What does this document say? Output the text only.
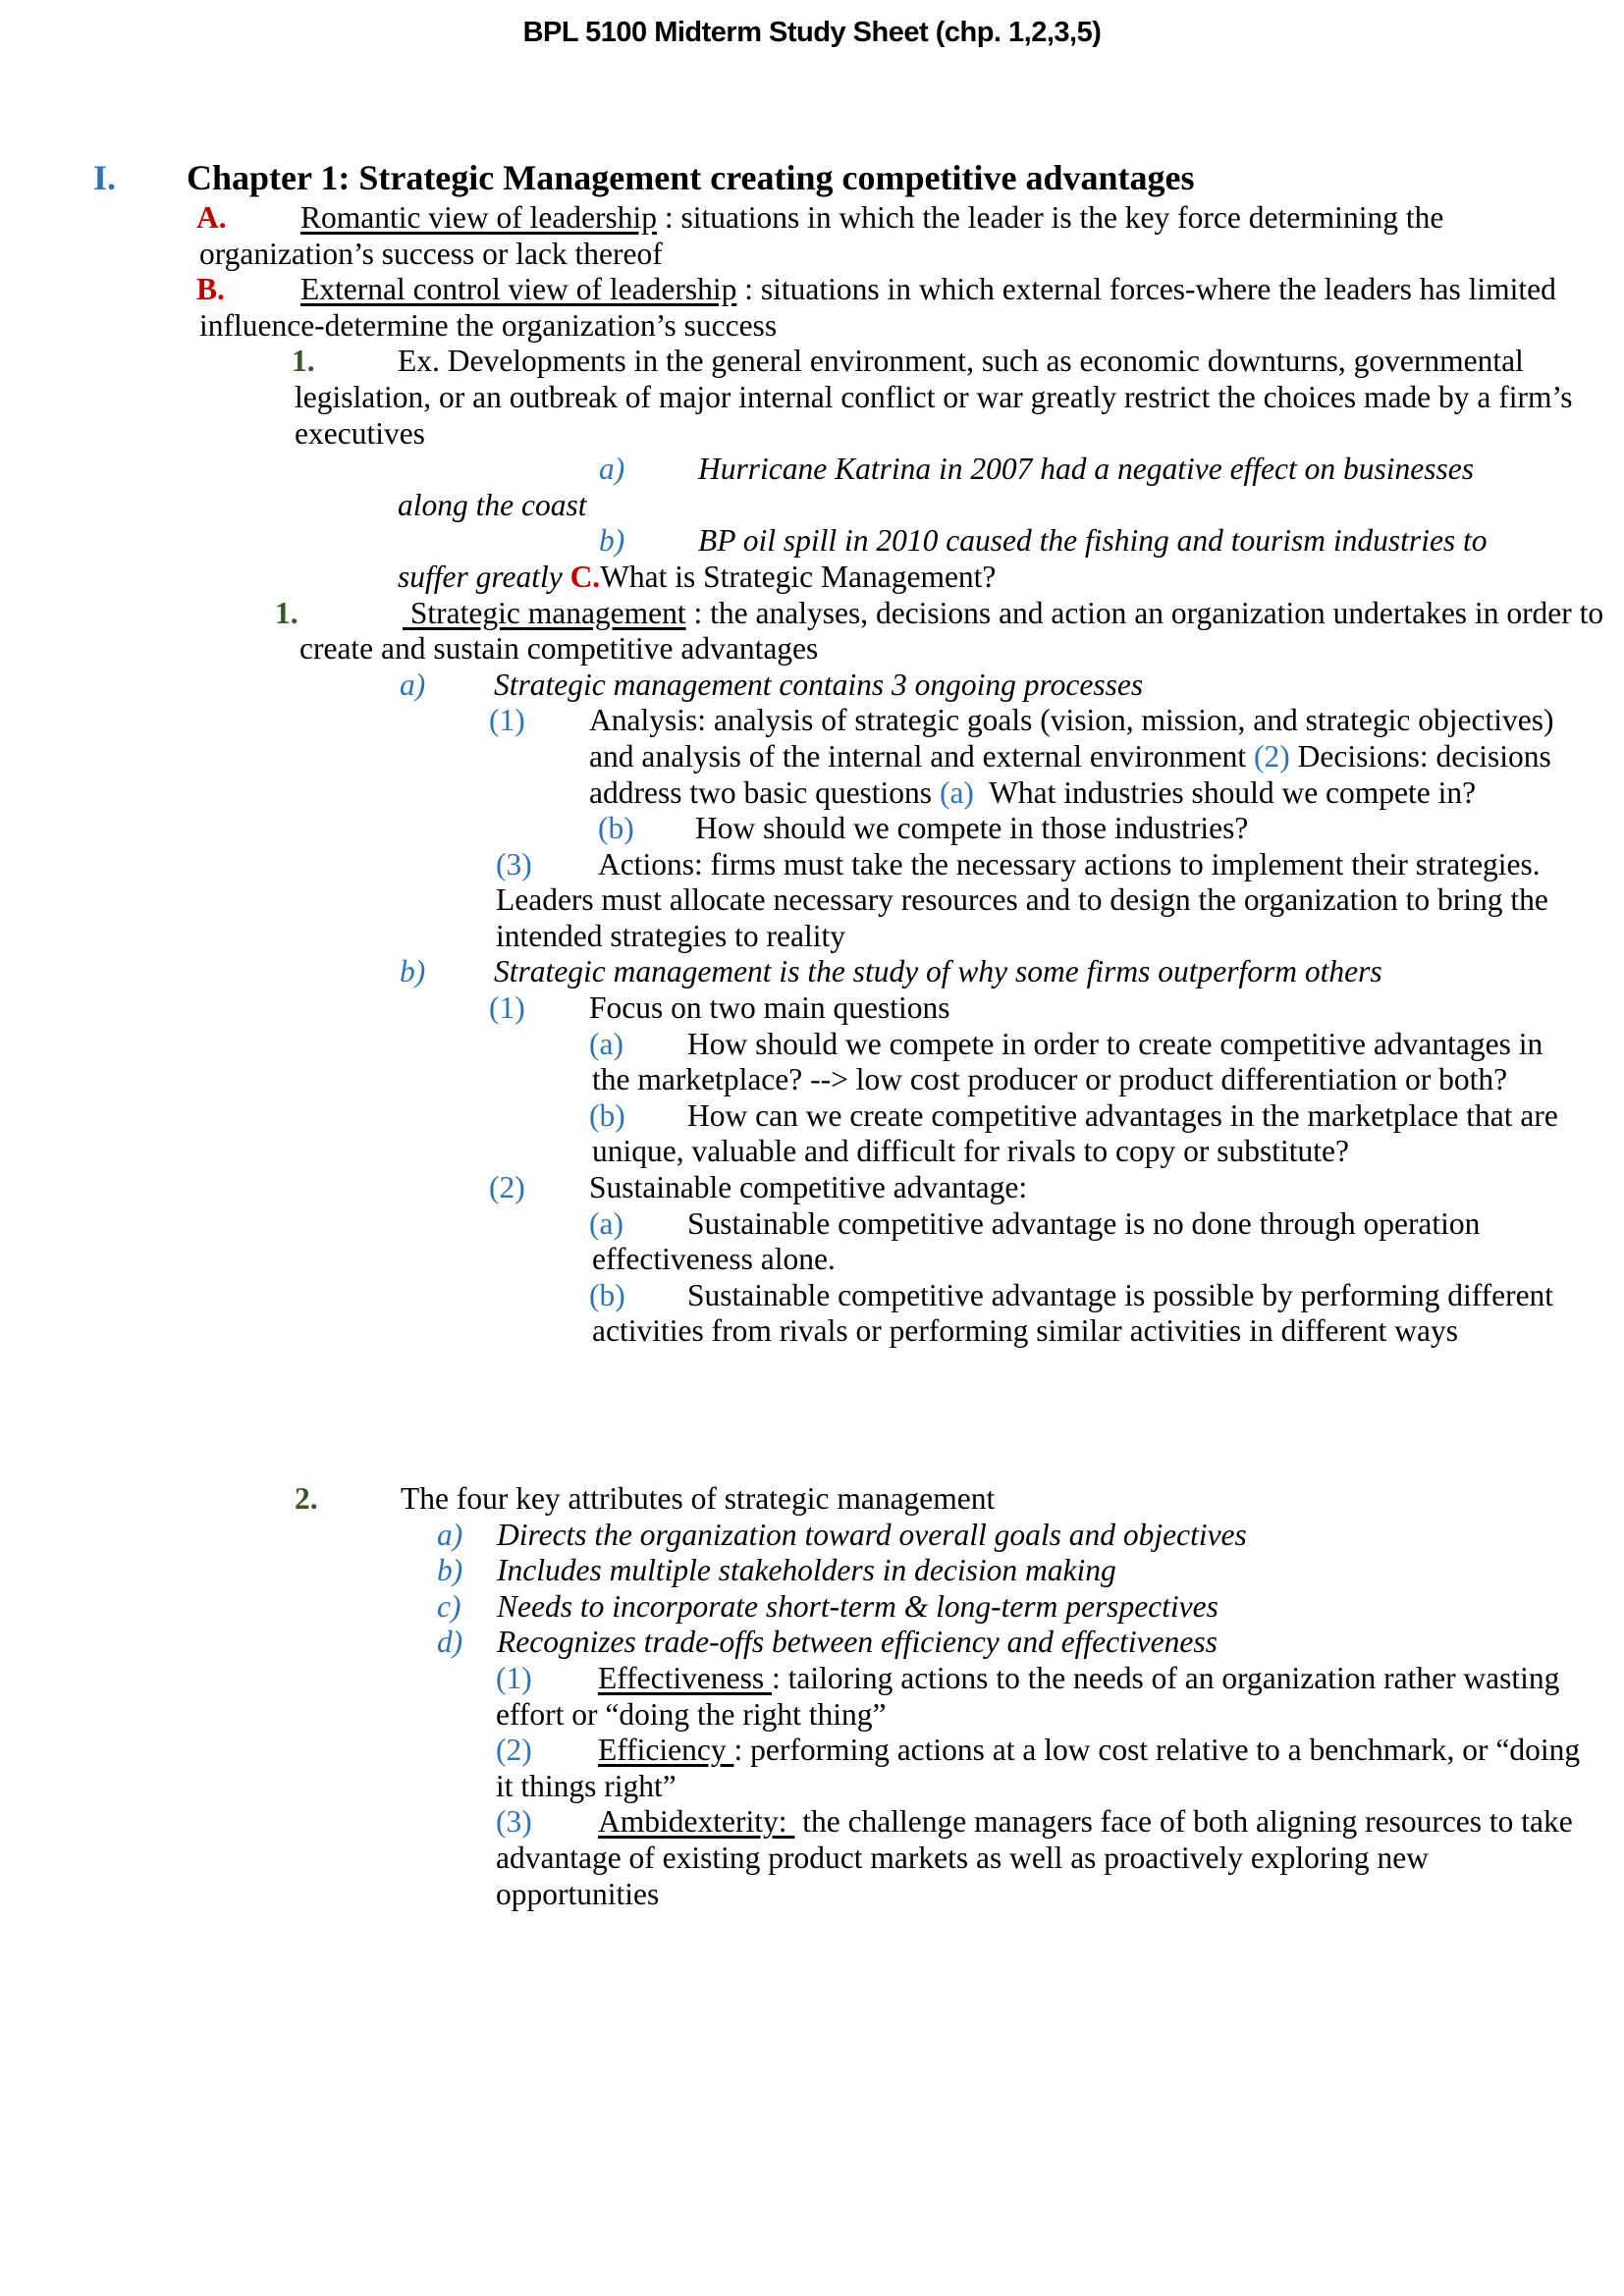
BPL 5100 Midterm Study Sheet (chp. 1,2,3,5)
I. Chapter 1: Strategic Management creating competitive advantages
A. Romantic view of leadership : situations in which the leader is the key force determining the
organization’s success or lack thereof
B. External control view of leadership : situations in which external forces-where the leaders has limited
influence-determine the organization’s success
1.	Ex. Developments in the general environment, such as economic downturns, governmental
legislation, or an outbreak of major internal conflict or war greatly restrict the choices made by a firm’s
executives
a) Hurricane Katrina in 2007 had a negative effect on businesses
along the coast
b) BP oil spill in 2010 caused the fishing and tourism industries to
suffer greatly C.What is Strategic Management?
1.	Strategic management : the analyses, decisions and action an organization undertakes in order to
create and sustain competitive advantages
a) Strategic management contains 3 ongoing processes
(1) Analysis: analysis of strategic goals (vision, mission, and strategic objectives)
and analysis of the internal and external environment (2) Decisions: decisions
address two basic questions (a)  What industries should we compete in?
(b) How should we compete in those industries?
(3) Actions: firms must take the necessary actions to implement their strategies.
Leaders must allocate necessary resources and to design the organization to bring the
intended strategies to reality
b) Strategic management is the study of why some firms outperform others
(1) Focus on two main questions
(a) How should we compete in order to create competitive advantages in
the marketplace? --> low cost producer or product differentiation or both?
(b) How can we create competitive advantages in the marketplace that are
unique, valuable and difficult for rivals to copy or substitute?
(2) Sustainable competitive advantage:
(a) Sustainable competitive advantage is no done through operation
effectiveness alone.
(b) Sustainable competitive advantage is possible by performing different
activities from rivals or performing similar activities in different ways
2.	The four key attributes of strategic management
a) Directs the organization toward overall goals and objectives
b) Includes multiple stakeholders in decision making
c) Needs to incorporate short-term & long-term perspectives
d) Recognizes trade-offs between efficiency and effectiveness
(1) Effectiveness : tailoring actions to the needs of an organization rather wasting
effort or “doing the right thing”
(2) Efficiency : performing actions at a low cost relative to a benchmark, or “doing
it things right”
(3) Ambidexterity:  the challenge managers face of both aligning resources to take
advantage of existing product markets as well as proactively exploring new
opportunities
